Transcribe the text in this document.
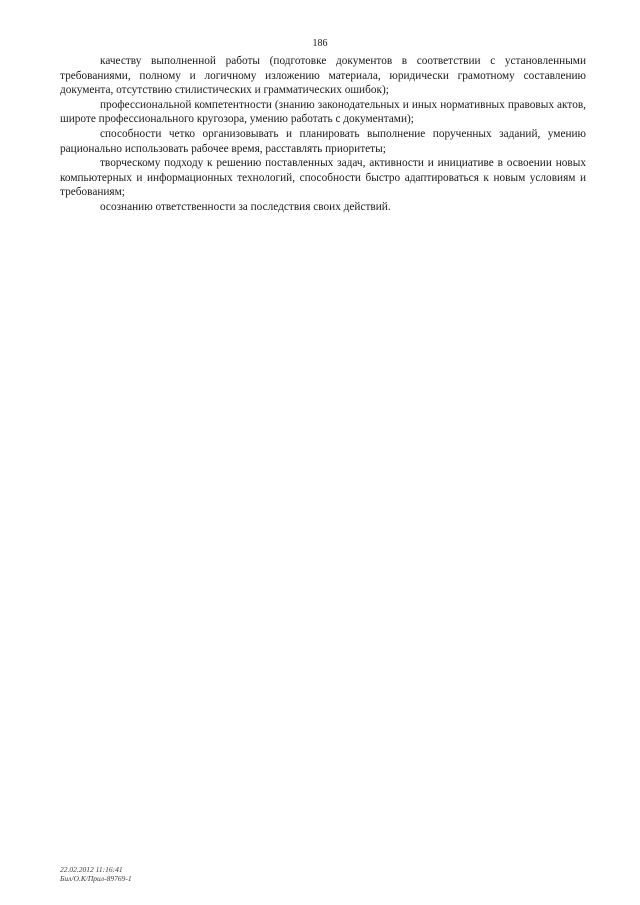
186

качеству выполненной работы (подготовке документов в соответствии с установленными требованиями, полному и логичному изложению материала, юридически грамотному составлению документа, отсутствию стилистических и грамматических ошибок);

профессиональной компетентности (знанию законодательных и иных нормативных правовых актов, широте профессионального кругозора, умению работать с документами);

способности четко организовывать и планировать выполнение порученных заданий, умению рационально использовать рабочее время, расставлять приоритеты;

творческому подходу к решению поставленных задач, активности и инициативе в освоении новых компьютерных и информационных технологий, способности быстро адаптироваться к новым условиям и требованиям;

осознанию ответственности за последствия своих действий.

22.02.2012 11:16:41
Бил/О.К/Прил-89769-1
